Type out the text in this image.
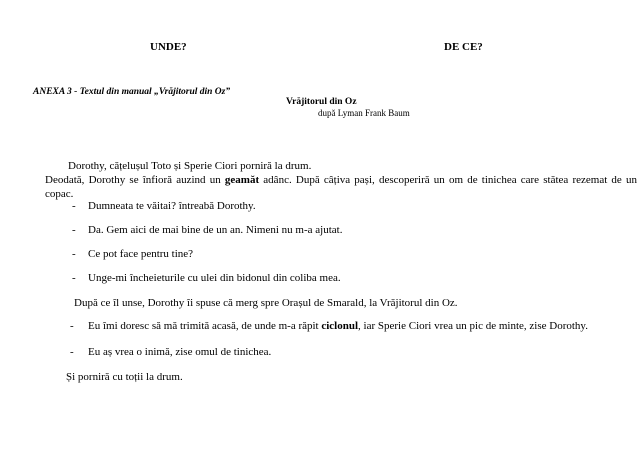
UNDE?	DE CE?
ANEXA 3 - Textul din manual „Vrăjitorul din Oz”
Vrăjitorul din Oz
după Lyman Frank Baum
Dorothy, cățelușul Toto și Sperie Ciori porniră la drum.
Deodată, Dorothy se înfioră auzind un geamăt adânc. După câțiva pași, descoperiră un om de tinichea care stătea rezemat de un copac.
- Dumneata te văitai? întreabă Dorothy.
- Da. Gem aici de mai bine de un an. Nimeni nu m-a ajutat.
- Ce pot face pentru tine?
- Unge-mi încheieturile cu ulei din bidonul din coliba mea.
După ce îl unse, Dorothy îi spuse că merg spre Orașul de Smarald, la Vrăjitorul din Oz.
- Eu îmi doresc să mă trimită acasă, de unde m-a răpit ciclonul, iar Sperie Ciori vrea un pic de minte, zise Dorothy.
- Eu aș vrea o inimă, zise omul de tinichea.
Și porniră cu toții la drum.
